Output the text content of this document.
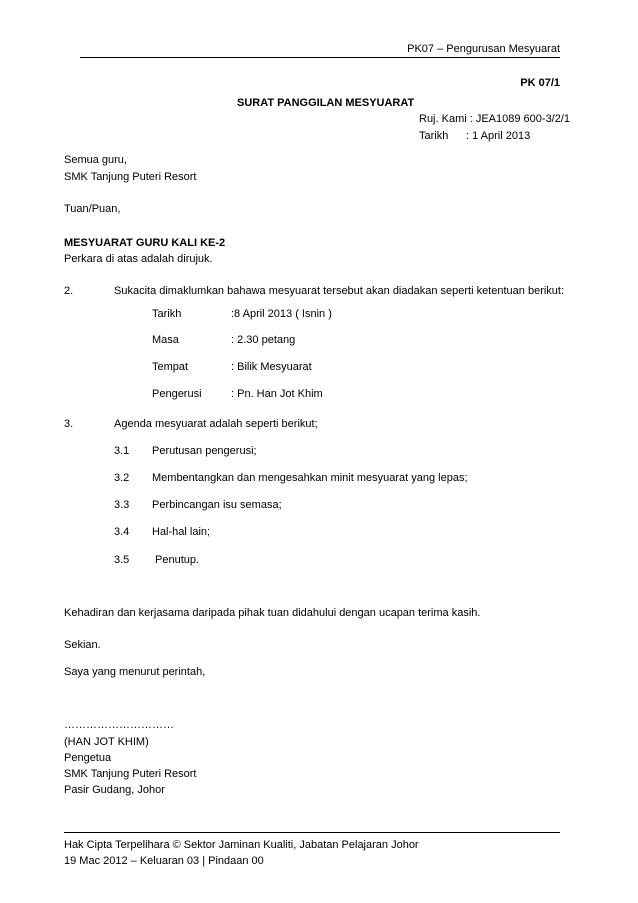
PK07 – Pengurusan Mesyuarat
PK 07/1
SURAT PANGGILAN MESYUARAT
Ruj. Kami : JEA1089 600-3/2/1
Tarikh : 1 April 2013
Semua guru,
SMK Tanjung Puteri Resort
Tuan/Puan,
MESYUARAT GURU KALI KE-2
Perkara di atas adalah dirujuk.
2.	Sukacita dimaklumkan bahawa mesyuarat tersebut akan diadakan seperti ketentuan berikut:
Tarikh	:8 April 2013 ( Isnin )
Masa	: 2.30 petang
Tempat	: Bilik Mesyuarat
Pengerusi	: Pn. Han Jot Khim
3.	Agenda mesyuarat adalah seperti berikut;
3.1 Perutusan pengerusi;
3.2 Membentangkan dan mengesahkan minit mesyuarat yang lepas;
3.3 Perbincangan isu semasa;
3.4 Hal-hal lain;
3.5 Penutup.
Kehadiran dan kerjasama daripada pihak tuan didahului dengan ucapan terima kasih.
Sekian.
Saya yang menurut perintah,
…………………………
(HAN JOT KHIM)
Pengetua
SMK Tanjung Puteri Resort
Pasir Gudang, Johor
Hak Cipta Terpelihara © Sektor Jaminan Kualiti, Jabatan Pelajaran Johor
19 Mac 2012 – Keluaran 03 | Pindaan 00
